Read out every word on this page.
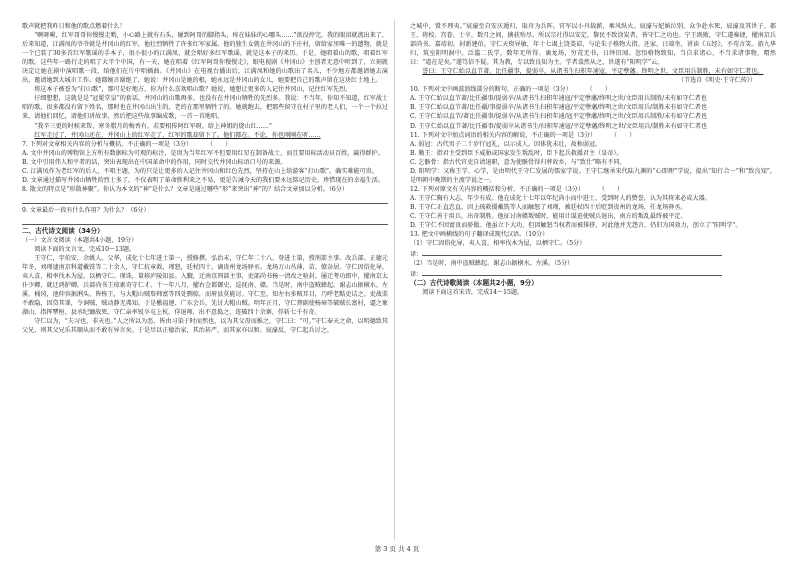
歌声就把我昨日和他的歌点燃着什么！

“啊呀嗬，红军哥哥你慢慢走哟，小心路上就有石头，碰到阿哥的脚指头，疼在妹妹的心哪头……”欲没停完，我的眼泪就流出来了，后来知道，江满凤的爷爷就是井冈山的红军，他壮烈牺牲了许多红军家属。他的独生女就在井冈山的下庄村，留给家里唯一的遗物，就是一个已装了30多首红军歌谣的手本子，很小很小的江满凤，就会唱好多红军歌谣，就是这本子的来历。于是，她唱着山的歌，唱着红军的歌。这些年一路行走的唱了大半个中国，有一天，她在唱着《红军阿哥你慢慢走》，眼电视剧《井冈山》主创者无意中听到了，立刻就决定让她在剧中演唱歌一段，给他们在片中唱插曲。《井冈山》在电视台播出后，江满凤和她的山歌出了名儿，不少地方都邀请她去演出，邀请她到大城市工作。她都婉言谢绝了，她说：井冈山是她的根，她永远是井冈山的女儿，她要把自己的歌声留在这块红土地上。

将这本子被誉为“打山歌”，那可是好地方，你为什么喜欢唱山歌？她说，她想让更多的人记住井冈山，记住红军先烈。

仔细想想，这就是是“冠冕堂皇”的套话，井冈山的山歌再多，也没有在井冈山牺牲的先烈多。我说：不当年，你知不知道，红军战士唱的歌，很多都没有留下姓名，那时也在井冈山出生的，老的在那里牺牲了的。她就跑去，把那些留守在村子里的老人们，一个一个拉过来，请他们回忆，请他们讲故事，然后把这些故事编成歌，一首一首地唱。

“我辛三更的时候来帮，寒冬腊月的梅香有。若要相传阿红军呀，给上神姐的烧山红……”

红军走过了，井冈山还在，井冈山上的红军走了，红军的歌却留下了。他们都在。不论，你也刚刚在听……

7. 下列对文章相关内容的分析与概括，不正确的一项是（3分） （　　）

A. 文中井冈山的博物馆上方所有数据标为可观的标注，是因为当年红军不但要用红星在制备战士，而且要用标活动员百姓，赢得群护。

B. 文中引用伟人和平者的话，突出表现出在中国革命中的作用，同时交代井冈山标语口号的来源。

C. 江满凤作为老红军的后人，不唱主题，为的只是让更多的人记住井冈山和红色先烈，坚持在山上给游客“打山歌”，确实难能可贵。

D. 文章通过描写井冈山牺牲的烈士多了，不仅表明了革命胜利来之不易，更是告诫今天的我们要永远铭记历史，珍惜现在的幸福生活。

8. 散文的特点是“形散神聚”。你认为本文的“神”是什么？文章是通过哪些“形”来突出“神”的？结合文章加以分析。（6分）

9. 文章最后一段有什么作用？为什么？（6分）

二、古代诗文阅读（34分）

（一）文言文阅读（本题共4小题，19分）

阅读下面的文言文，完成10～13题。

王守仁，字伯安，余姚人。父华，成化十七年进士第一，授修撰。弘治末，守仁年二十八，登进士第，授刑部主事。改兵部。正德元年冬，刘瑾逮南京科道戴铣等二十余人，守仁抗章救，瑾怒，廷杖四十，谪贵州龙场驿丞。龙场万山丛薄，苗、僚杂居。守仁因俗化导，夷人喜，相率伐木为屋，以栖守仁。瑾诛，量移庐陵知县。入觐，迁南京刑部主事，吏部尚书杨一清改之验封。屡迁考功郎中，擢南京太仆少卿，就迁鸿胪卿。兵部尚书王琼素奇守仁才。十一年八月，擢右佥都御史，巡抚南、赣。当是时，南中盗贼蜂起。谢志山据横水、左溪、桶冈，池仲容据浰头，皆称王，与大帽山贼詹师富等四处剽掠，而府县莫能讨。守仁至，知左右多贼耳目，乃呼老黠吏诘之。吏战栗不敢隐，因贷其罪，令诇贼，贼动静无弗知。于是檄福建、广东会兵，先讨大帽山贼。明年正月，守仁督副使杨璋等破贼长富村，逼之象湖山，指挥覃桓、县丞纪镛战死。守仁亲率锐卒屯上杭。佯退师，出不意捣之，连破四十余寨，俘斩七千有奇。

守仁以为，“夫习也，非天也。”人之所以为恶，皆由习染于时而然也，以为其父母而推之，守仁曰：“可。”守仁奉天之命，以明德致其父兄，则其父兄乐其顺从而不敢有异言矣。于是尽以正德治家，其治甚严，而其家亦以和。宸濠反，守仁起兵讨之。

之城中，置不理夷。”宸濠至自安庆遁归，取舟为兵阵。官军以小舟载薪，乘风纵火。宸濠与妃嫔泣别，众争赴水死，宸濠及其世子、郡王、将校、宫眷、士卒，数月之间，擒获殆尽。所以宗社得以安定，黎民不致涂炭者，皆守仁之功也。宁王既败，守仁遂奏捷，擢南京兵部尚书。嘉靖初，封新建伯。守仁天资异敏，年十七谒上饶娄谅，与论朱子格物大指。还家，日端坐，讲读《五经》，不苟言笑。游九华归，筑室阳明洞中。泛滥二氏学，数年无所得。谪龙场，穷荒无书，日绎旧闻。忽悟格物致知，当自求诸心，不当求诸事物，喟然曰：“道在是矣。”遂笃信不疑。其为教，专以致良知为主。学者翕然从之，世遂有“阳明学”云。

誉曰：王守仁始以直节著。比任疆事，提弱卒，从诸书生扫积年逋寇，平定孽藩。终明之世，文臣用兵制胜，未有如守仁者也。

（节选自《明史·王守仁传》）

10. 下列对文中画波浪线部分的断句，正确的一项是（3分） （　　）

A. 王守仁始以直节著/比任疆事/提弱卒/从诸书生扫积年逋寇/平定孽藩/终明之世/文臣用兵制胜/未有如守仁者也

B. 王守仁始以直节著/比任疆/事提弱卒/从诸书生扫积年逋寇/平定孽藩/终明之世/文臣用兵/制胜未有如守仁者也

C. 王守仁始以直节/著比任疆事/提弱卒/从诸书生扫积年逋/寇平定孽藩/终明之世/文臣用兵制胜/未有如守仁者也

D. 王守仁始以直节著/比任疆事/提弱卒从诸书生/扫积年逋寇/平定孽藩/终明之世/文臣用兵/制胜未有如守仁者也

11. 下列对文中加点词语的相关内容的解说，不正确的一项是（3分） （　　）

A. 弱冠：古代男子二十岁行冠礼，以示成人，因体犹未壮，故称弱冠。

B. 勤王：指君主受到臣下威胁或国家发生叛乱时，臣下起兵救援君主（皇帝）。

C. 乞骸骨：指古代官吏自请退职，意为使骸骨得归葬故乡，与“致仕”略有不同。

D. 阳明学：又称王学、心学，是由明代王守仁发展的儒家学说。王守仁继承宋代陆九渊的“心即理”学说，提出“知行合一”和“致良知”，是明朝中晚期的主流学说之一。

12. 下列对原文有关内容的概括和分析，不正确的一项是（3分） （　　）

A. 王守仁胸有大志，年少有成。他在成化十七年以年纪尚小而中进士，受到时人的赞誉，认为其将来必成大器。

B. 王守仁正直忠直，因上疏救援戴铣等人而触怒了刘瑾，被廷杖四十后贬到贵州的龙场，任龙场驿丞。

C. 王守仁善于用兵，出奇制胜。他征讨南赣叛贼时，能用计谋迫使贼兵退出，南方的叛乱最终被平定。

D. 王守仁不因富贵而骄傲。他虽立下大功，但因触怒当权者而被排挤，对此他并无怨言，仍旧为国效力，创立了“阳明学”。

13. 把文中画横线的句子翻译成现代汉语。（10分）

（1）守仁因俗化导，夷人喜，相率伐木为屋，以栖守仁。（5分）

译：

（2）当是时，南中盗贼蜂起。谢志山据横水、左溪。（5分）

译：

（二）古代诗歌阅读（本题共2小题，9分）

阅读下面这首宋诗，完成14～15题。

第 3 页 共 4 页
